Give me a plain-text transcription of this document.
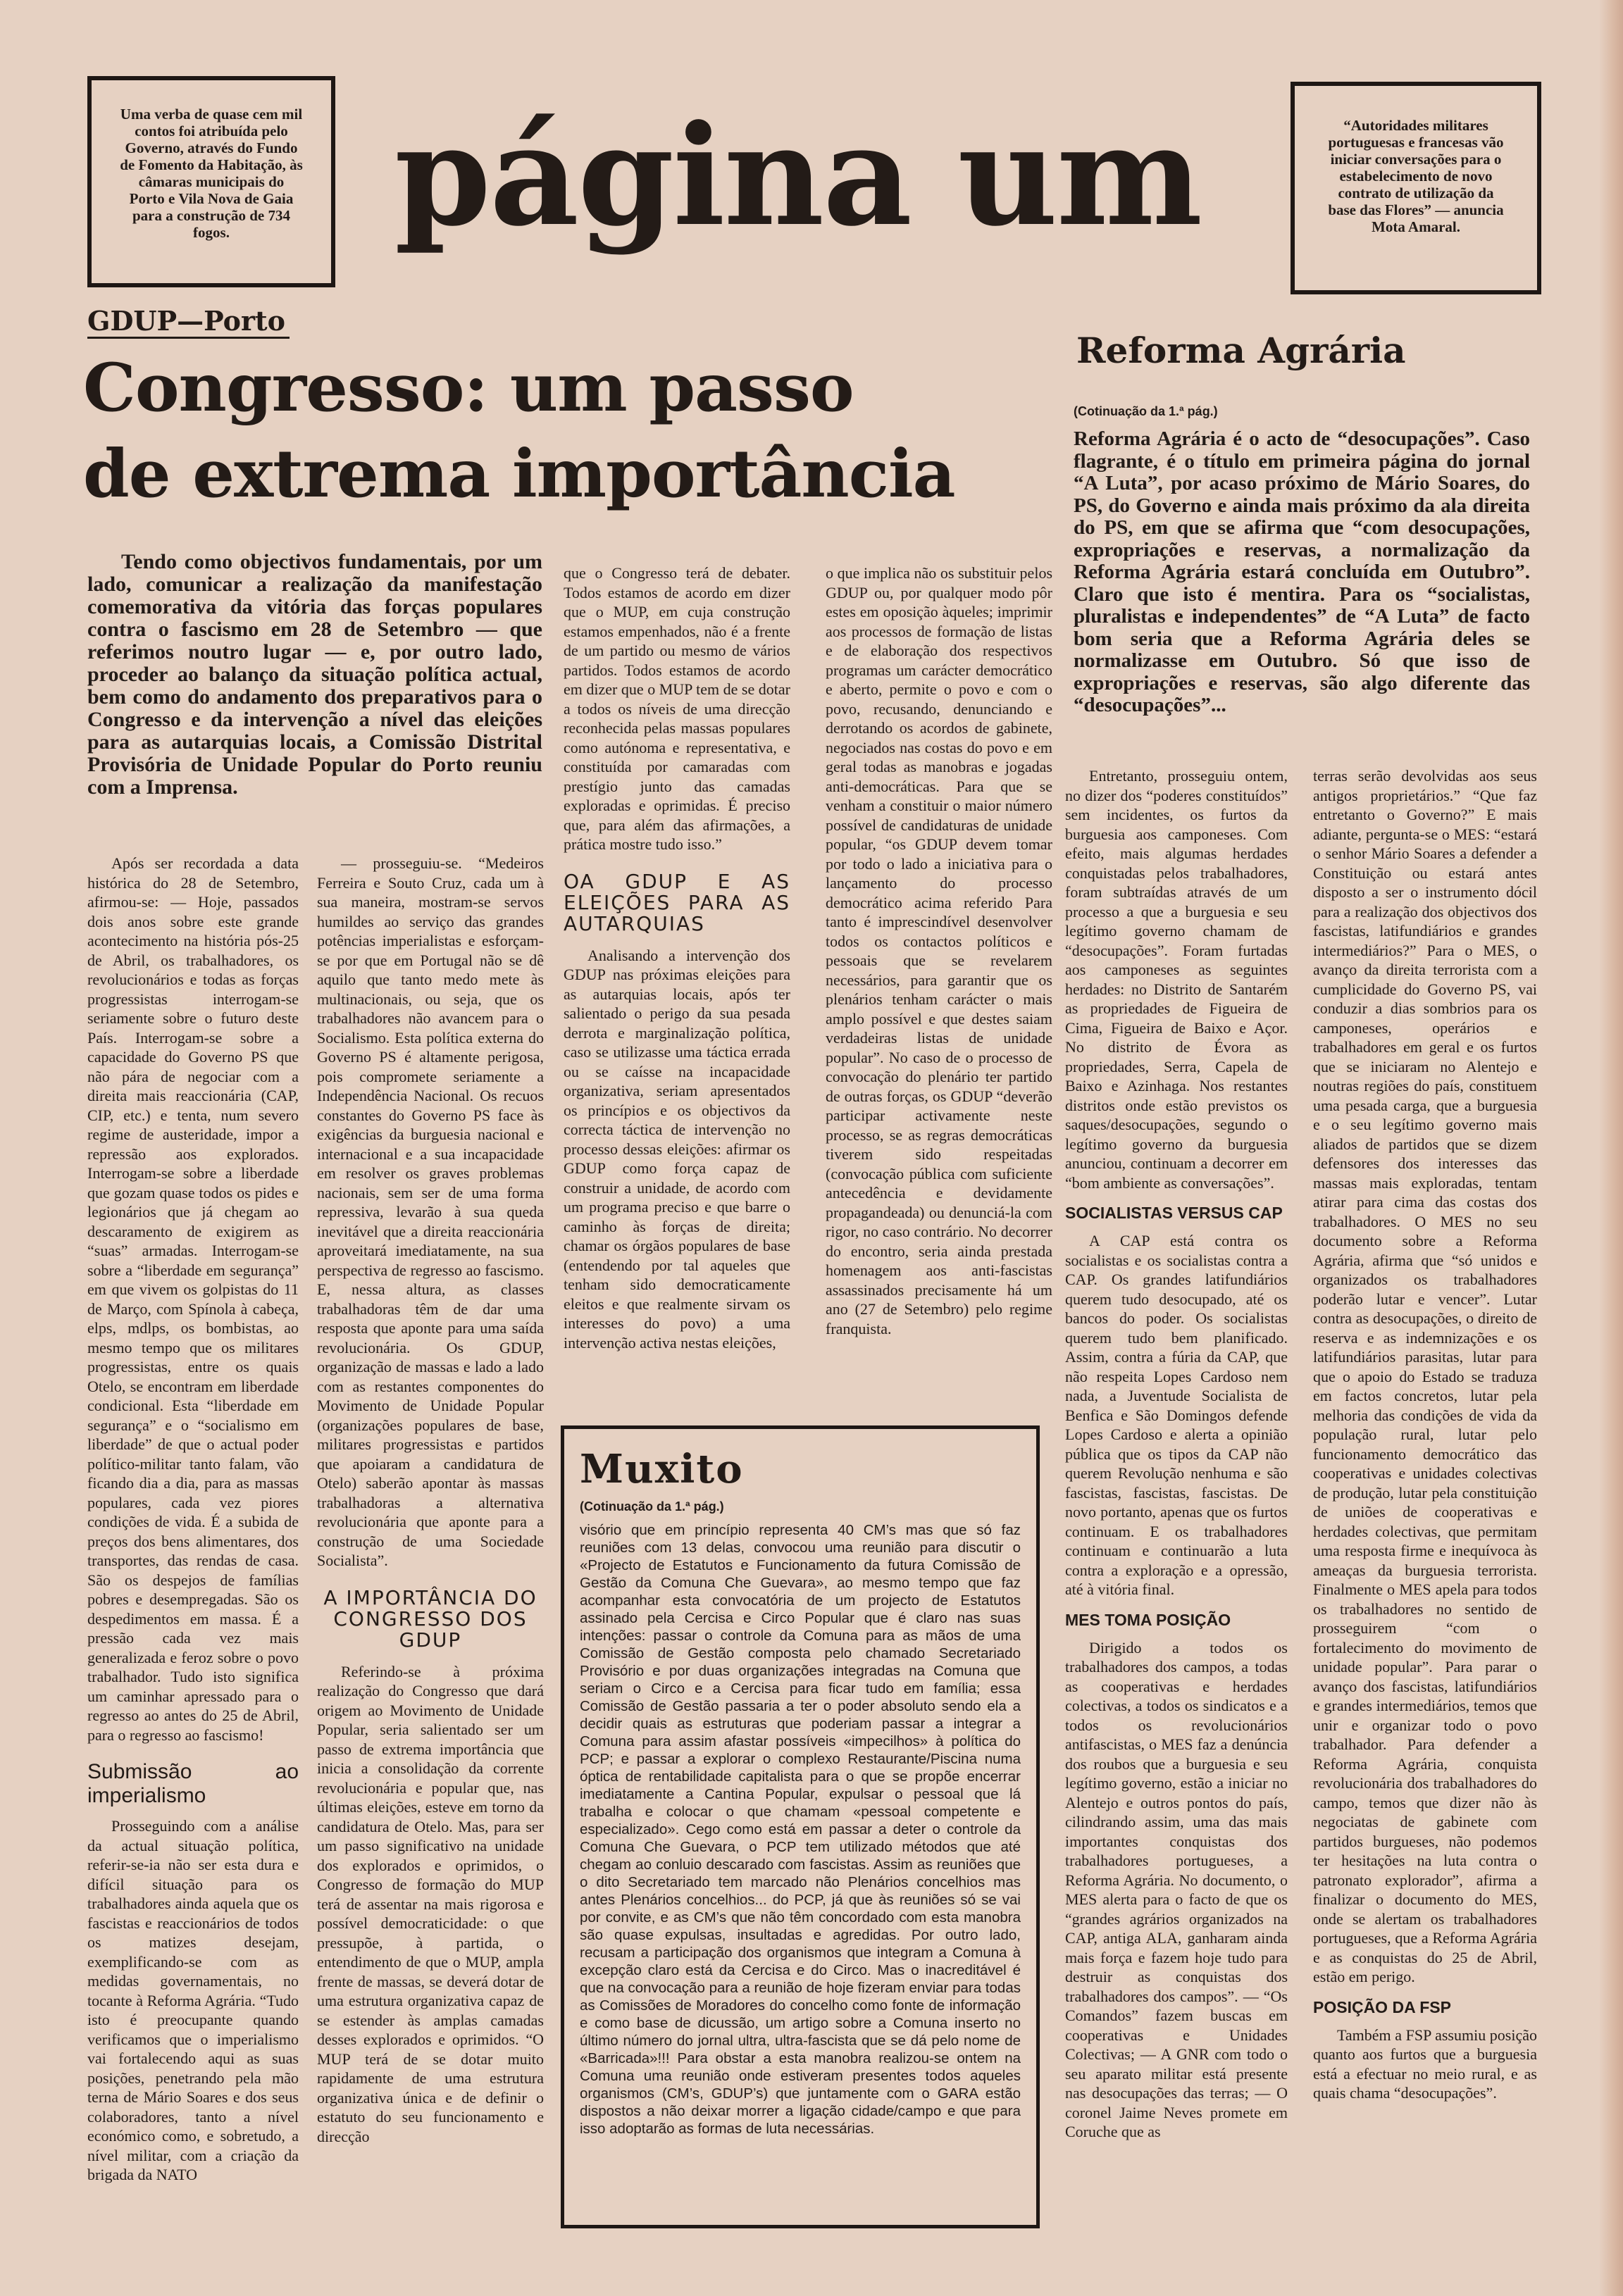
Uma verba de quase cem mil contos foi atribuída pelo Governo, através do Fundo de Fomento da Habitação, às câmaras municipais do Porto e Vila Nova de Gaia para a construção de 734 fogos.	página um	“Autoridades militares portuguesas e francesas vão iniciar conversações para o estabelecimento de novo contrato de utilização da base das Flores” — anuncia Mota Amaral.
GDUP—Porto
Congresso: um passo
de extrema importância
Tendo como objectivos fundamentais, por um lado, comunicar a realização da manifestação comemorativa da vitória das forças populares contra o fascismo em 28 de Setembro — que referimos noutro lugar — e, por outro lado, proceder ao balanço da situação política actual, bem como do andamento dos preparativos para o Congresso e da intervenção a nível das eleições para as autarquias locais, a Comissão Distrital Provisória de Unidade Popular do Porto reuniu com a Imprensa.

Após ser recordada a data histórica do 28 de Setembro, afirmou-se: — Hoje, passados dois anos sobre este grande acontecimento na história pós-25 de Abril, os trabalhadores, os revolucionários e todas as forças progressistas interrogam-se seriamente sobre o futuro deste País. Interrogam-se sobre a capacidade do Governo PS que não pára de negociar com a direita mais reaccionária (CAP, CIP, etc.) e tenta, num severo regime de austeridade, impor a repressão aos explorados. Interrogam-se sobre a liberdade que gozam quase todos os pides e legionários que já chegam ao descaramento de exigirem as “suas” armadas. Interrogam-se sobre a “liberdade em segurança” em que vivem os golpistas do 11 de Março, com Spínola à cabeça, elps, mdlps, os bombistas, ao mesmo tempo que os militares progressistas, entre os quais Otelo, se encontram em liberdade condicional. Esta “liberdade em segurança” e o “socialismo em liberdade” de que o actual poder político-militar tanto falam, vão ficando dia a dia, para as massas populares, cada vez piores condições de vida. É a subida de preços dos bens alimentares, dos transportes, das rendas de casa. São os despejos de famílias pobres e desempregadas. São os despedimentos em massa. É a pressão cada vez mais generalizada e feroz sobre o povo trabalhador. Tudo isto significa um caminhar apressado para o regresso ao antes do 25 de Abril, para o regresso ao fascismo!

Submissão ao imperialismo

Prosseguindo com a análise da actual situação política, referir-se-ia não ser esta dura e difícil situação para os trabalhadores ainda aquela que os fascistas e reaccionários de todos os matizes desejam, exemplificando-se com as medidas governamentais, no tocante à Reforma Agrária. “Tudo isto é preocupante quando verificamos que o imperialismo vai fortalecendo aqui as suas posições, penetrando pela mão terna de Mário Soares e dos seus colaboradores, tanto a nível económico como, e sobretudo, a nível militar, com a criação da brigada da NATO

— prosseguiu-se. “Medeiros Ferreira e Souto Cruz, cada um à sua maneira, mostram-se servos humildes ao serviço das grandes potências imperialistas e esforçam-se por que em Portugal não se dê aquilo que tanto medo mete às multinacionais, ou seja, que os trabalhadores não avancem para o Socialismo. Esta política externa do Governo PS é altamente perigosa, pois compromete seriamente a Independência Nacional. Os recuos constantes do Governo PS face às exigências da burguesia nacional e internacional e a sua incapacidade em resolver os graves problemas nacionais, sem ser de uma forma repressiva, levarão à sua queda inevitável que a direita reaccionária aproveitará imediatamente, na sua perspectiva de regresso ao fascismo. E, nessa altura, as classes trabalhadoras têm de dar uma resposta que aponte para uma saída revolucionária. Os GDUP, organização de massas e lado a lado com as restantes componentes do Movimento de Unidade Popular (organizações populares de base, militares progressistas e partidos que apoiaram a candidatura de Otelo) saberão apontar às massas trabalhadoras a alternativa revolucionária que aponte para a construção de uma Sociedade Socialista”.

A IMPORTÂNCIA DO CONGRESSO DOS GDUP

Referindo-se à próxima realização do Congresso que dará origem ao Movimento de Unidade Popular, seria salientado ser um passo de extrema importância que inicia a consolidação da corrente revolucionária e popular que, nas últimas eleições, esteve em torno da candidatura de Otelo. Mas, para ser um passo significativo na unidade dos explorados e oprimidos, o Congresso de formação do MUP terá de assentar na mais rigorosa e possível democraticidade: o que pressupõe, à partida, o entendimento de que o MUP, ampla frente de massas, se deverá dotar de uma estrutura organizativa capaz de se estender às amplas camadas desses explorados e oprimidos. “O MUP terá de se dotar muito rapidamente de uma estrutura organizativa única e de definir o estatuto do seu funcionamento e direcção

que o Congresso terá de debater. Todos estamos de acordo em dizer que o MUP, em cuja construção estamos empenhados, não é a frente de um partido ou mesmo de vários partidos. Todos estamos de acordo em dizer que o MUP tem de se dotar a todos os níveis de uma direcção reconhecida pelas massas populares como autónoma e representativa, e constituída por camaradas com prestígio junto das camadas exploradas e oprimidas. É preciso que, para além das afirmações, a prática mostre tudo isso.”

OA GDUP E AS ELEIÇÕES PARA AS AUTARQUIAS

Analisando a intervenção dos GDUP nas próximas eleições para as autarquias locais, após ter salientado o perigo da sua pesada derrota e marginalização política, caso se utilizasse uma táctica errada ou se caísse na incapacidade organizativa, seriam apresentados os princípios e os objectivos da correcta táctica de intervenção no processo dessas eleições: afirmar os GDUP como força capaz de construir a unidade, de acordo com um programa preciso e que barre o caminho às forças de direita; chamar os órgãos populares de base (entendendo por tal aqueles que tenham sido democraticamente eleitos e que realmente sirvam os interesses do povo) a uma intervenção activa nestas eleições,

o que implica não os substituir pelos GDUP ou, por qualquer modo pôr estes em oposição àqueles; imprimir aos processos de formação de listas e de elaboração dos respectivos programas um carácter democrático e aberto, permite o povo e com o povo, recusando, denunciando e derrotando os acordos de gabinete, negociados nas costas do povo e em geral todas as manobras e jogadas anti-democráticas. Para que se venham a constituir o maior número possível de candidaturas de unidade popular, “os GDUP devem tomar por todo o lado a iniciativa para o lançamento do processo democrático acima referido Para tanto é imprescindível desenvolver todos os contactos políticos e pessoais que se revelarem necessários, para garantir que os plenários tenham carácter o mais amplo possível e que destes saiam verdadeiras listas de unidade popular”. No caso de o processo de convocação do plenário ter partido de outras forças, os GDUP “deverão participar activamente neste processo, se as regras democráticas tiverem sido respeitadas (convocação pública com suficiente antecedência e devidamente propagandeada) ou denunciá-la com rigor, no caso contrário. No decorrer do encontro, seria ainda prestada homenagem aos anti-fascistas assassinados precisamente há um ano (27 de Setembro) pelo regime franquista.

Muxito
(Cotinuação da 1.ª pág.)

visório que em princípio representa 40 CM’s mas que só faz reuniões com 13 delas, convocou uma reunião para discutir o «Projecto de Estatutos e Funcionamento da futura Comissão de Gestão da Comuna Che Guevara», ao mesmo tempo que faz acompanhar esta convocatória de um projecto de Estatutos assinado pela Cercisa e Circo Popular que é claro nas suas intenções: passar o controle da Comuna para as mãos de uma Comissão de Gestão composta pelo chamado Secretariado Provisório e por duas organizações integradas na Comuna que seriam o Circo e a Cercisa para ficar tudo em família; essa Comissão de Gestão passaria a ter o poder absoluto sendo ela a decidir quais as estruturas que poderiam passar a integrar a Comuna para assim afastar possíveis «impecilhos» à política do PCP; e passar a explorar o complexo Restaurante/Piscina numa óptica de rentabilidade capitalista para o que se propõe encerrar imediatamente a Cantina Popular, expulsar o pessoal que lá trabalha e colocar o que chamam «pessoal competente e especializado». Cego como está em passar a deter o controle da Comuna Che Guevara, o PCP tem utilizado métodos que até chegam ao conluio descarado com fascistas. Assim as reuniões que o dito Secretariado tem marcado não Plenários concelhios mas antes Plenários concelhios... do PCP, já que às reuniões só se vai por convite, e as CM’s que não têm concordado com esta manobra são quase expulsas, insultadas e agredidas. Por outro lado, recusam a participação dos organismos que integram a Comuna à excepção claro está da Cercisa e do Circo. Mas o inacreditável é que na convocação para a reunião de hoje fizeram enviar para todas as Comissões de Moradores do concelho como fonte de informação e como base de dicussão, um artigo sobre a Comuna inserto no último número do jornal ultra, ultra-fascista que se dá pelo nome de «Barricada»!!! Para obstar a esta manobra realizou-se ontem na Comuna uma reunião onde estiveram presentes todos aqueles organismos (CM’s, GDUP’s) que juntamente com o GARA estão dispostos a não deixar morrer a ligação cidade/campo e que para isso adoptarão as formas de luta necessárias.

Reforma Agrária
(Cotinuação da 1.ª pág.)
Reforma Agrária é o acto de “desocupações”. Caso flagrante, é o título em primeira página do jornal “A Luta”, por acaso próximo de Mário Soares, do PS, do Governo e ainda mais próximo da ala direita do PS, em que se afirma que “com desocupações, expropriações e reservas, a normalização da Reforma Agrária estará concluída em Outubro”. Claro que isto é mentira. Para os “socialistas, pluralistas e independentes” de “A Luta” de facto bom seria que a Reforma Agrária deles se normalizasse em Outubro. Só que isso de expropriações e reservas, são algo diferente das “desocupações”...

Entretanto, prosseguiu ontem, no dizer dos “poderes constituídos” sem incidentes, os furtos da burguesia aos camponeses. Com efeito, mais algumas herdades conquistadas pelos trabalhadores, foram subtraídas através de um processo a que a burguesia e seu legítimo governo chamam de “desocupações”. Foram furtadas aos camponeses as seguintes herdades: no Distrito de Santarém as propriedades de Figueira de Cima, Figueira de Baixo e Açor. No distrito de Évora as propriedades, Serra, Capela de Baixo e Azinhaga. Nos restantes distritos onde estão previstos os saques/desocupações, segundo o legítimo governo da burguesia anunciou, continuam a decorrer em “bom ambiente as conversações”.

SOCIALISTAS VERSUS CAP

A CAP está contra os socialistas e os socialistas contra a CAP. Os grandes latifundiários querem tudo desocupado, até os bancos do poder. Os socialistas querem tudo bem planificado. Assim, contra a fúria da CAP, que não respeita Lopes Cardoso nem nada, a Juventude Socialista de Benfica e São Domingos defende Lopes Cardoso e alerta a opinião pública que os tipos da CAP não querem Revolução nenhuma e são fascistas, fascistas, fascistas. De novo portanto, apenas que os furtos continuam. E os trabalhadores continuam e continuarão a luta contra a exploração e a opressão, até à vitória final.

MES TOMA POSIÇÃO

Dirigido a todos os trabalhadores dos campos, a todas as cooperativas e herdades colectivas, a todos os sindicatos e a todos os revolucionários antifascistas, o MES faz a denúncia dos roubos que a burguesia e seu legítimo governo, estão a iniciar no Alentejo e outros pontos do país, cilindrando assim, uma das mais importantes conquistas dos trabalhadores portugueses, a Reforma Agrária. No documento, o MES alerta para o facto de que os “grandes agrários organizados na CAP, antiga ALA, ganharam ainda mais força e fazem hoje tudo para destruir as conquistas dos trabalhadores dos campos”. — “Os Comandos” fazem buscas em cooperativas e Unidades Colectivas; — A GNR com todo o seu aparato militar está presente nas desocupações das terras; — O coronel Jaime Neves promete em Coruche que as

terras serão devolvidas aos seus antigos proprietários.” “Que faz entretanto o Governo?” E mais adiante, pergunta-se o MES: “estará o senhor Mário Soares a defender a Constituição ou estará antes disposto a ser o instrumento dócil para a realização dos objectivos dos fascistas, latifundiários e grandes intermediários?” Para o MES, o avanço da direita terrorista com a cumplicidade do Governo PS, vai conduzir a dias sombrios para os camponeses, operários e trabalhadores em geral e os furtos que se iniciaram no Alentejo e noutras regiões do país, constituem uma pesada carga, que a burguesia e o seu legítimo governo mais aliados de partidos que se dizem defensores dos interesses das massas mais exploradas, tentam atirar para cima das costas dos trabalhadores. O MES no seu documento sobre a Reforma Agrária, afirma que “só unidos e organizados os trabalhadores poderão lutar e vencer”. Lutar contra as desocupações, o direito de reserva e as indemnizações e os latifundiários parasitas, lutar para que o apoio do Estado se traduza em factos concretos, lutar pela melhoria das condições de vida da população rural, lutar pelo funcionamento democrático das cooperativas e unidades colectivas de produção, lutar pela constituição de uniões de cooperativas e herdades colectivas, que permitam uma resposta firme e inequívoca às ameaças da burguesia terrorista. Finalmente o MES apela para todos os trabalhadores no sentido de prosseguirem “com o fortalecimento do movimento de unidade popular”. Para parar o avanço dos fascistas, latifundiários e grandes intermediários, temos que unir e organizar todo o povo trabalhador. Para defender a Reforma Agrária, conquista revolucionária dos trabalhadores do campo, temos que dizer não às negociatas de gabinete com partidos burgueses, não podemos ter hesitações na luta contra o patronato explorador”, afirma a finalizar o documento do MES, onde se alertam os trabalhadores portugueses, que a Reforma Agrária e as conquistas do 25 de Abril, estão em perigo.

POSIÇÃO DA FSP

Também a FSP assumiu posição quanto aos furtos que a burguesia está a efectuar no meio rural, e as quais chama “desocupações”.
